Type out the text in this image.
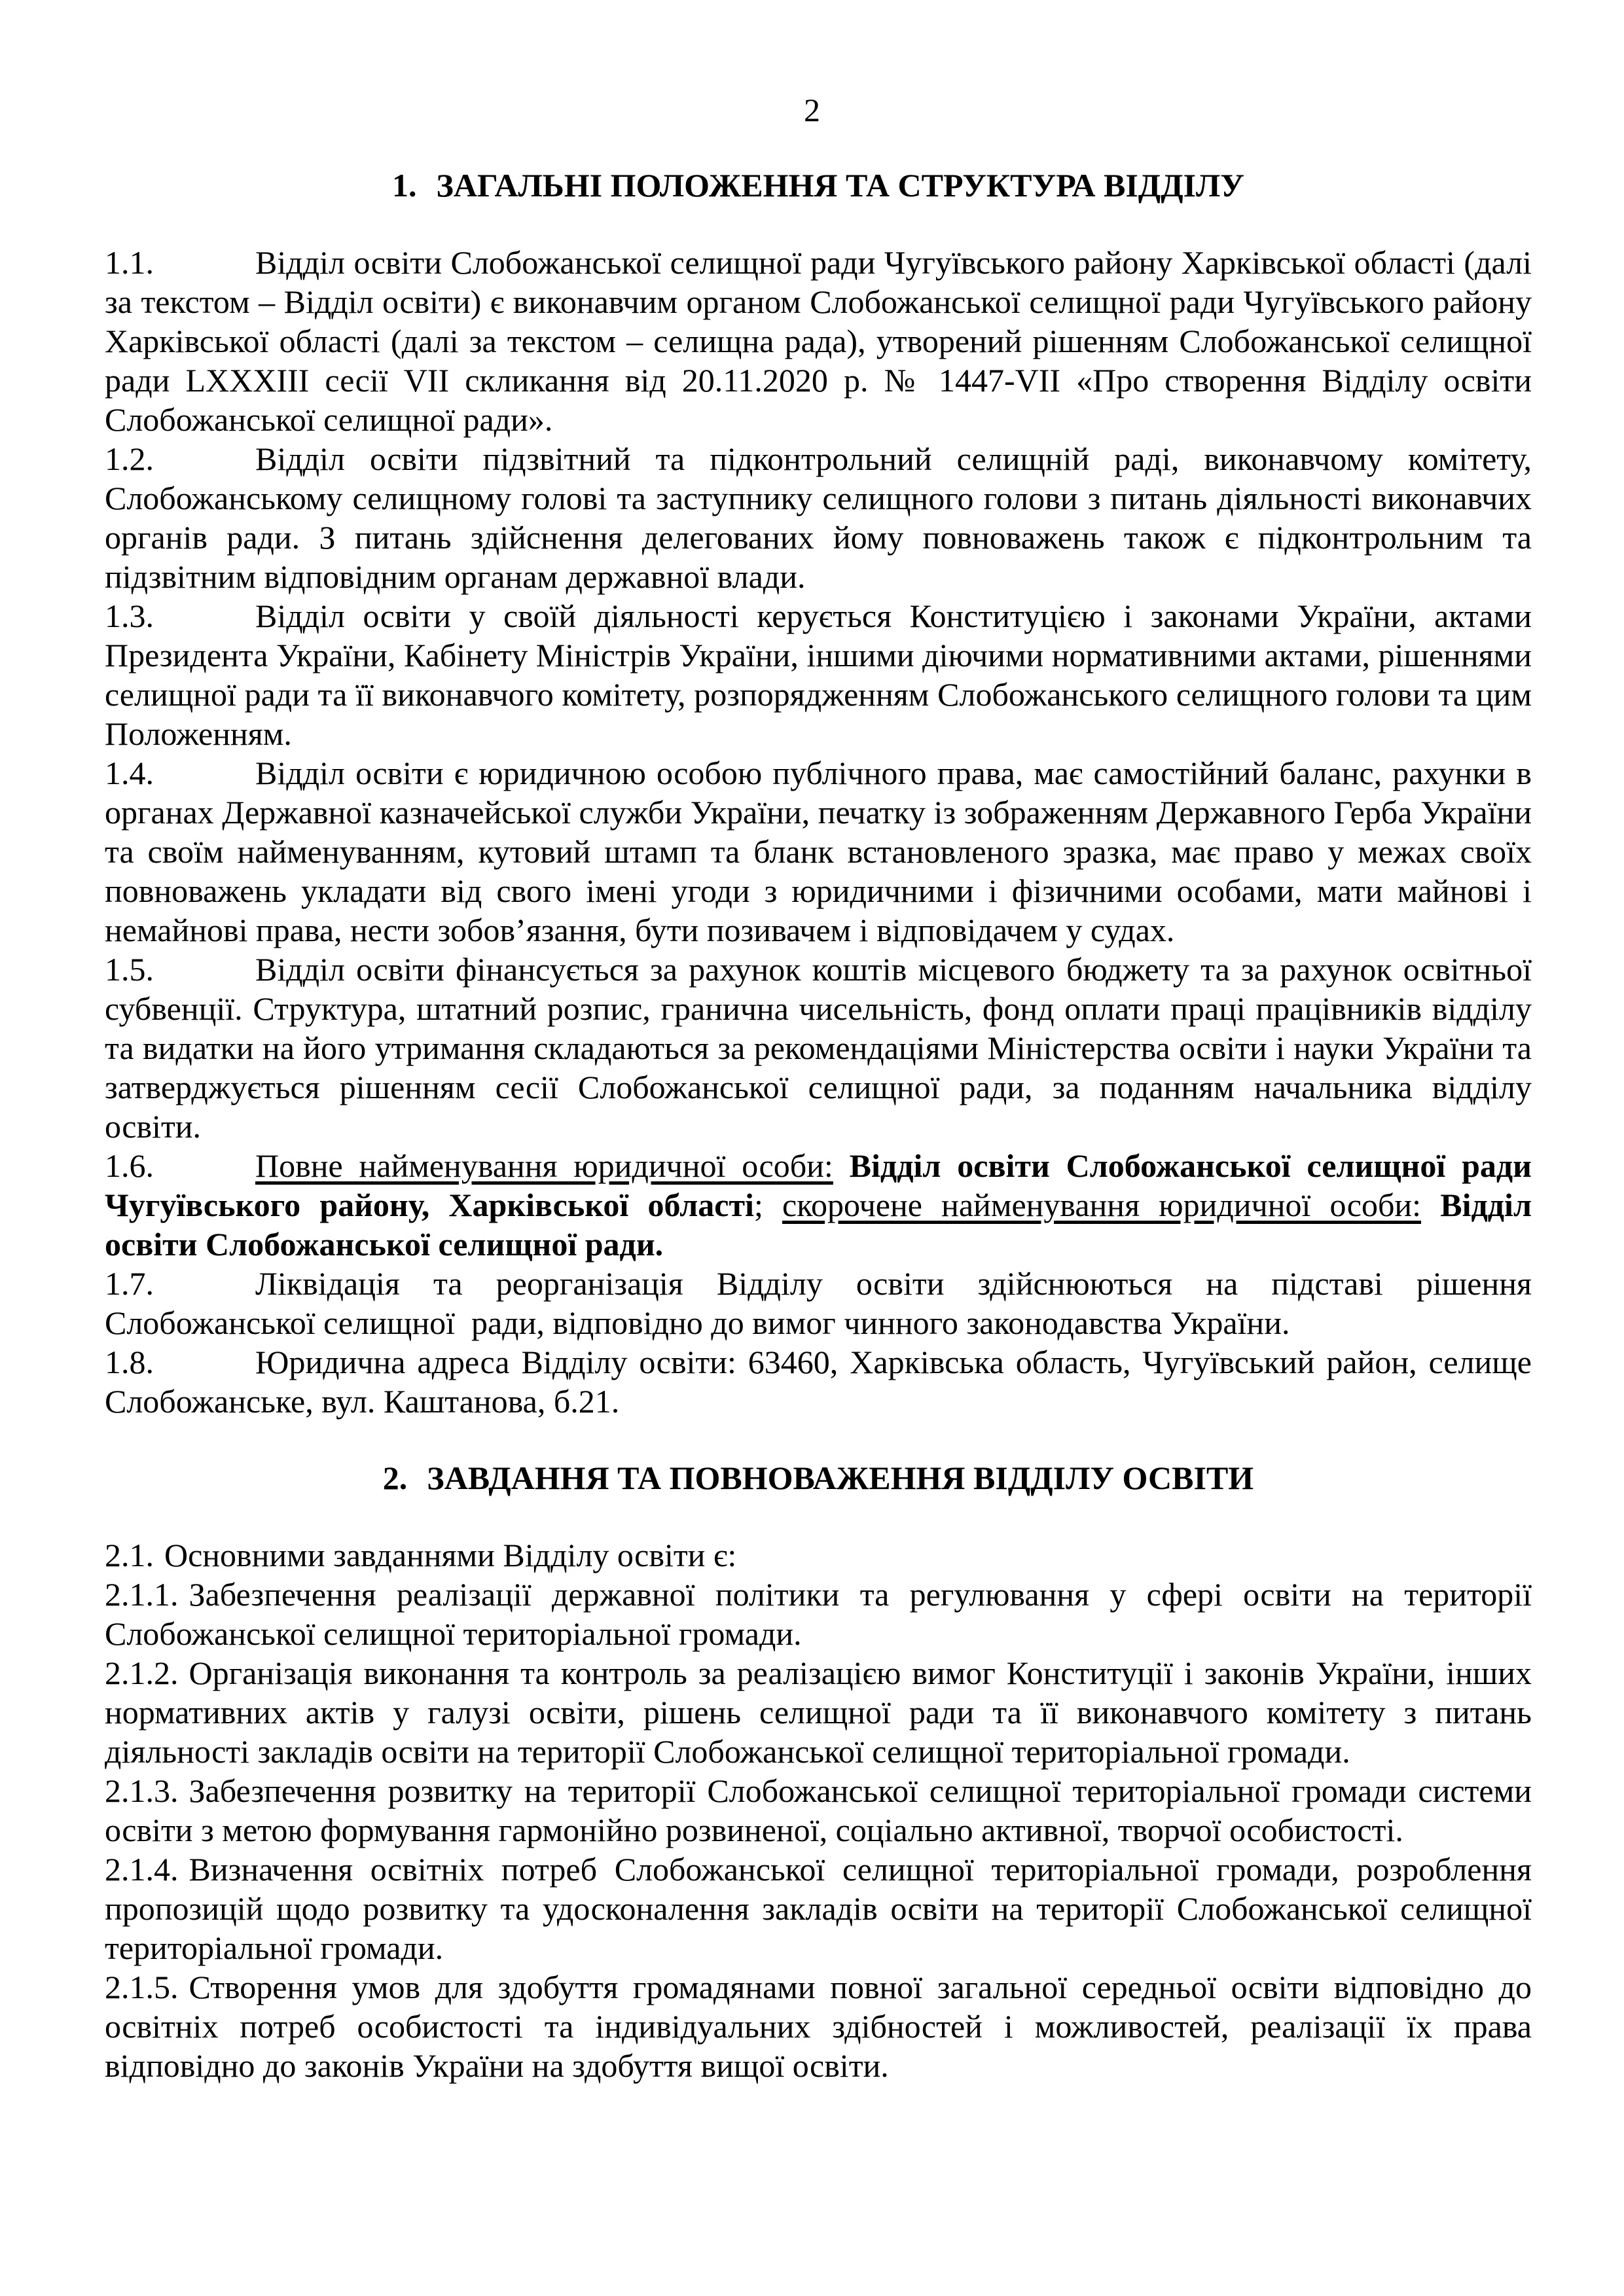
2
1. ЗАГАЛЬНІ ПОЛОЖЕННЯ ТА СТРУКТУРА ВІДДІЛУ

1.1.	Відділ освіти Слобожанської селищної ради Чугуївського району Харківської області (далі за текстом – Відділ освіти) є виконавчим органом Слобожанської селищної ради Чугуївського району Харківської області (далі за текстом – селищна рада), утворений рішенням Слобожанської селищної ради LXXXIII сесії VII скликання від 20.11.2020 р. № 1447-VII «Про створення Відділу освіти Слобожанської селищної ради».

1.2.	Відділ освіти підзвітний та підконтрольний селищній раді, виконавчому комітету, Слобожанському селищному голові та заступнику селищного голови з питань діяльності виконавчих органів ради. З питань здійснення делегованих йому повноважень також є підконтрольним та підзвітним відповідним органам державної влади.

1.3.	Відділ освіти у своїй діяльності керується Конституцією і законами України, актами Президента України, Кабінету Міністрів України, іншими діючими нормативними актами, рішеннями селищної ради та її виконавчого комітету, розпорядженням Слобожанського селищного голови та цим Положенням.

1.4.	Відділ освіти є юридичною особою публічного права, має самостійний баланс, рахунки в органах Державної казначейської служби України, печатку із зображенням Державного Герба України та своїм найменуванням, кутовий штамп та бланк встановленого зразка, має право у межах своїх повноважень укладати від свого імені угоди з юридичними і фізичними особами, мати майнові і немайнові права, нести зобов’язання, бути позивачем і відповідачем у судах.

1.5.	Відділ освіти фінансується за рахунок коштів місцевого бюджету та за рахунок освітньої субвенції. Структура, штатний розпис, гранична чисельність, фонд оплати праці працівників відділу та видатки на його утримання складаються за рекомендаціями Міністерства освіти і науки України та затверджується рішенням сесії Слобожанської селищної ради, за поданням начальника відділу освіти.

1.6.	Повне найменування юридичної особи: Відділ освіти Слобожанської селищної ради Чугуївського району, Харківської області; скорочене найменування юридичної особи: Відділ освіти Слобожанської селищної ради.

1.7.	Ліквідація та реорганізація Відділу освіти здійснюються на підставі рішення Слобожанської селищної  ради, відповідно до вимог чинного законодавства України.

1.8.	Юридична адреса Відділу освіти: 63460, Харківська область, Чугуївський район, селище Слобожанське, вул. Каштанова, б.21.

2. ЗАВДАННЯ ТА ПОВНОВАЖЕННЯ ВІДДІЛУ ОСВІТИ

2.1. Основними завданнями Відділу освіти є:

2.1.1. Забезпечення реалізації державної політики та регулювання у сфері освіти на території Слобожанської селищної територіальної громади.

2.1.2. Організація виконання та контроль за реалізацією вимог Конституції і законів України, інших нормативних актів у галузі освіти, рішень селищної ради та її виконавчого комітету з питань діяльності закладів освіти на території Слобожанської селищної територіальної громади.

2.1.3. Забезпечення розвитку на території Слобожанської селищної територіальної громади системи освіти з метою формування гармонійно розвиненої, соціально активної, творчої особистості.

2.1.4. Визначення освітніх потреб Слобожанської селищної територіальної громади, розроблення пропозицій щодо розвитку та удосконалення закладів освіти на території Слобожанської селищної територіальної громади.

2.1.5. Створення умов для здобуття громадянами повної загальної середньої освіти відповідно до освітніх потреб особистості та індивідуальних здібностей і можливостей, реалізації їх права відповідно до законів України на здобуття вищої освіти.
